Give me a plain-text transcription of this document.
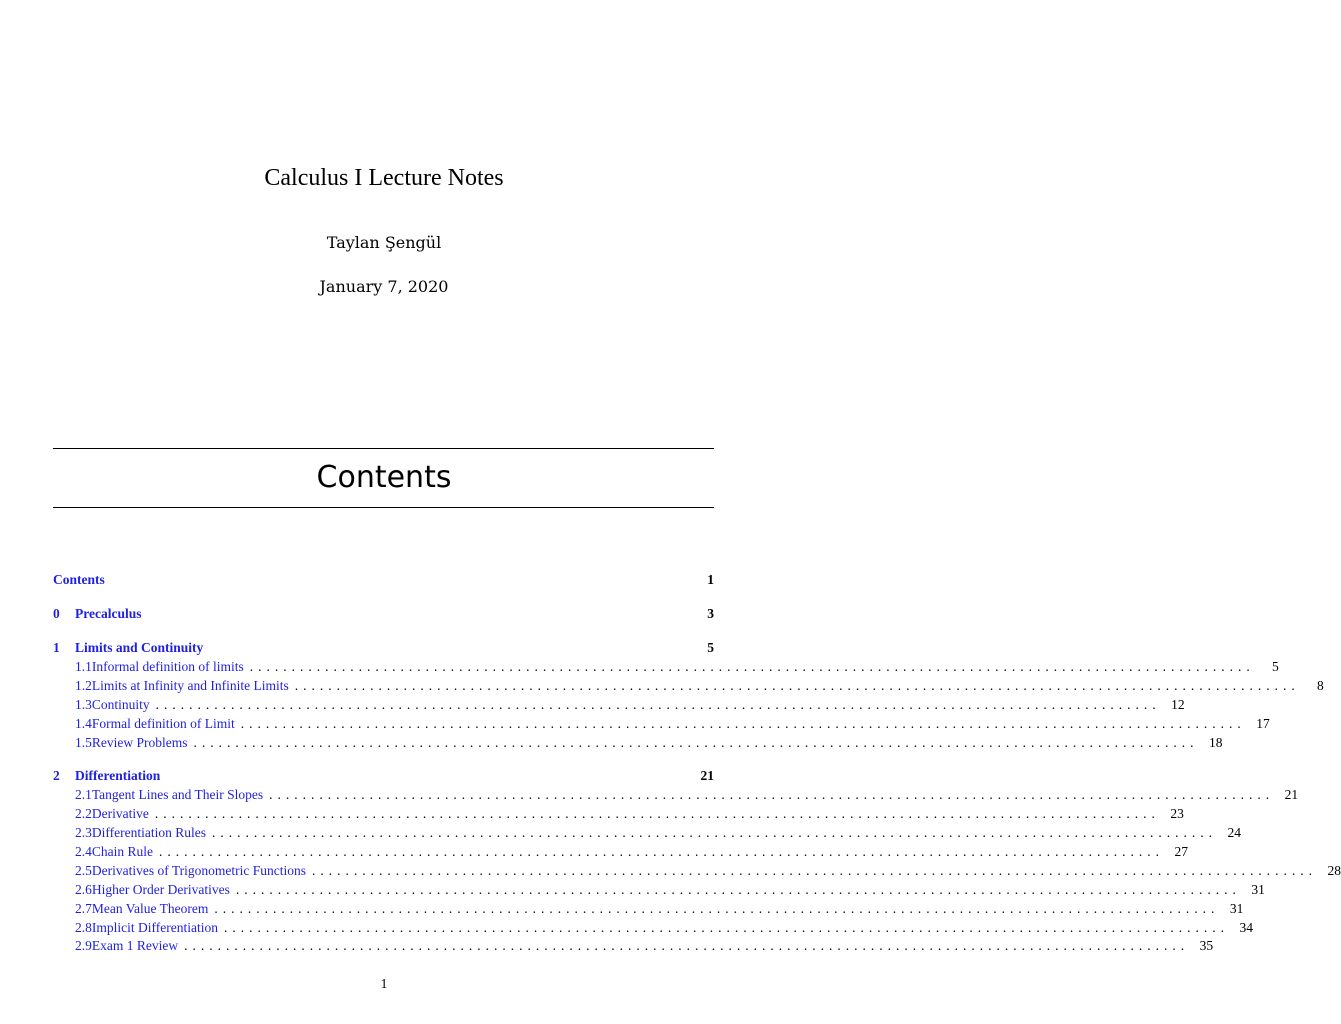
Calculus I Lecture Notes
Taylan Şengül
January 7, 2020
Contents
Contents	1
0	Precalculus	3
1	Limits and Continuity	5
1.1 Informal definition of limits ........................................................................................................................	5
1.2 Limits at Infinity and Infinite Limits ........................................................................................................................	8
1.3 Continuity ........................................................................................................................ 12
1.4 Formal definition of Limit ........................................................................................................................ 17
1.5 Review Problems ........................................................................................................................ 18
2	Differentiation	21
2.1 Tangent Lines and Their Slopes ........................................................................................................................ 21
2.2 Derivative ........................................................................................................................ 23
2.3 Differentiation Rules ........................................................................................................................ 24
2.4 Chain Rule ........................................................................................................................ 27
2.5 Derivatives of Trigonometric Functions ........................................................................................................................ 28
2.6 Higher Order Derivatives ........................................................................................................................ 31
2.7 Mean Value Theorem ........................................................................................................................ 31
2.8 Implicit Differentiation ........................................................................................................................ 34
2.9 Exam 1 Review ........................................................................................................................ 35
1
